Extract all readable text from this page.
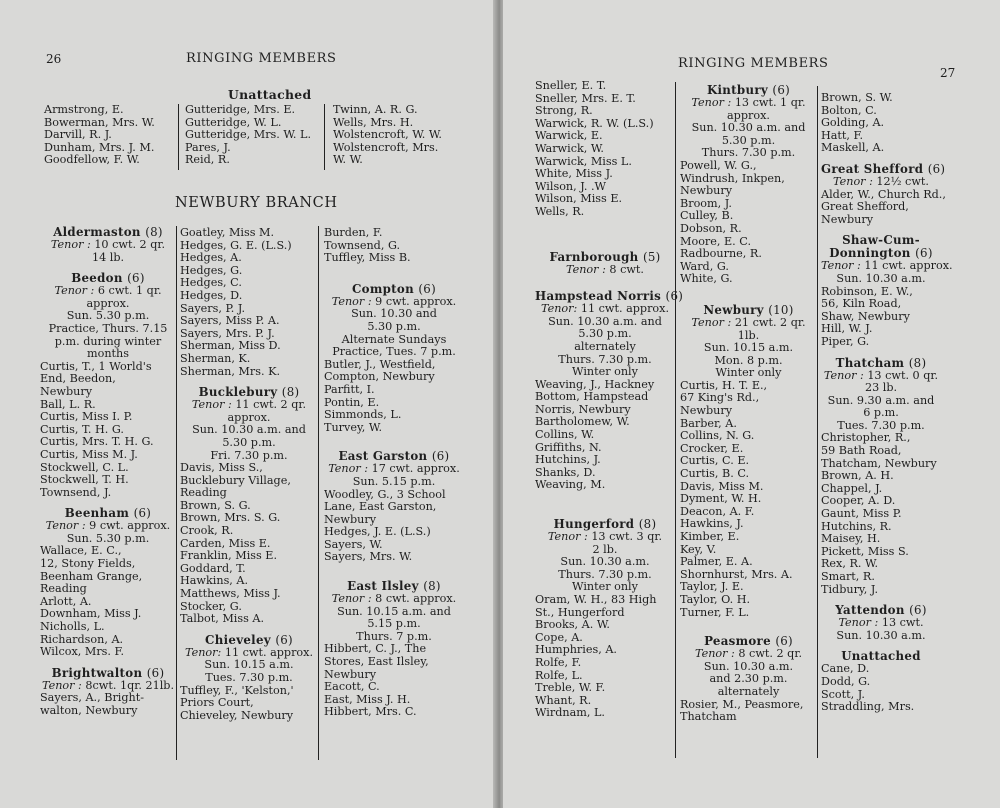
26	RINGING MEMBERS
Unattached
Armstrong, E.
Bowerman, Mrs. W.
Darvill, R. J.
Dunham, Mrs. J. M.
Goodfellow, F. W.
Gutteridge, Mrs. E.
Gutteridge, W. L.
Gutteridge, Mrs. W. L.
Pares, J.
Reid, R.
Twinn, A. R. G.
Wells, Mrs. H.
Wolstencroft, W. W.
Wolstencroft, Mrs.
W. W.
NEWBURY BRANCH
Aldermaston (8)
Tenor : 10 cwt. 2 qr.
14 lb.
Beedon (6)
Tenor : 6 cwt. 1 qr.
approx.
Sun. 5.30 p.m.
Practice, Thurs. 7.15
p.m. during winter
months
Curtis, T., 1 World's
End, Beedon,
Newbury
Ball, L. R.
Curtis, Miss I. P.
Curtis, T. H. G.
Curtis, Mrs. T. H. G.
Curtis, Miss M. J.
Stockwell, C. L.
Stockwell, T. H.
Townsend, J.
Beenham (6)
Tenor : 9 cwt. approx.
Sun. 5.30 p.m.
Wallace, E. C.,
12, Stony Fields,
Beenham Grange,
Reading
Arlott, A.
Downham, Miss J.
Nicholls, L.
Richardson, A.
Wilcox, Mrs. F.
Brightwalton (6)
Tenor : 8cwt. 1qr. 21lb.
Sayers, A., Bright-
walton, Newbury
Goatley, Miss M.
Hedges, G. E. (L.S.)
Hedges, A.
Hedges, G.
Hedges, C.
Hedges, D.
Sayers, P. J.
Sayers, Miss P. A.
Sayers, Mrs. P. J.
Sherman, Miss D.
Sherman, K.
Sherman, Mrs. K.
Bucklebury (8)
Tenor : 11 cwt. 2 qr.
approx.
Sun. 10.30 a.m. and
5.30 p.m.
Fri. 7.30 p.m.
Davis, Miss S.,
Bucklebury Village,
Reading
Brown, S. G.
Brown, Mrs. S. G.
Crook, R.
Carden, Miss E.
Franklin, Miss E.
Goddard, T.
Hawkins, A.
Matthews, Miss J.
Stocker, G.
Talbot, Miss A.
Chieveley (6)
Tenor: 11 cwt. approx.
Sun. 10.15 a.m.
Tues. 7.30 p.m.
Tuffley, F., 'Kelston,'
Priors Court,
Chieveley, Newbury
Burden, F.
Townsend, G.
Tuffley, Miss B.
Compton (6)
Tenor : 9 cwt. approx.
Sun. 10.30 and
5.30 p.m.
Alternate Sundays
Practice, Tues. 7 p.m.
Butler, J., Westfield,
Compton, Newbury
Parfitt, I.
Pontin, E.
Simmonds, L.
Turvey, W.
East Garston (6)
Tenor : 17 cwt. approx.
Sun. 5.15 p.m.
Woodley, G., 3 School
Lane, East Garston,
Newbury
Hedges, J. E. (L.S.)
Sayers, W.
Sayers, Mrs. W.
East Ilsley (8)
Tenor : 8 cwt. approx.
Sun. 10.15 a.m. and
5.15 p.m.
Thurs. 7 p.m.
Hibbert, C. J., The
Stores, East Ilsley,
Newbury
Eacott, C.
East, Miss J. H.
Hibbert, Mrs. C.
RINGING MEMBERS
27
Sneller, E. T.
Sneller, Mrs. E. T.
Strong, R.
Warwick, R. W. (L.S.)
Warwick, E.
Warwick, W.
Warwick, Miss L.
White, Miss J.
Wilson, J. .W
Wilson, Miss E.
Wells, R.
Farnborough (5)
Tenor : 8 cwt.
Hampstead Norris (6)
Tenor: 11 cwt. approx.
Sun. 10.30 a.m. and
5.30 p.m.
alternately
Thurs. 7.30 p.m.
Winter only
Weaving, J., Hackney
Bottom, Hampstead
Norris, Newbury
Bartholomew, W.
Collins, W.
Griffiths, N.
Hutchins, J.
Shanks, D.
Weaving, M.
Hungerford (8)
Tenor : 13 cwt. 3 qr.
2 lb.
Sun. 10.30 a.m.
Thurs. 7.30 p.m.
Winter only
Oram, W. H., 83 High
St., Hungerford
Brooks, A. W.
Cope, A.
Humphries, A.
Rolfe, F.
Rolfe, L.
Treble, W. F.
Whant, R.
Wirdnam, L.
Kintbury (6)
Tenor : 13 cwt. 1 qr.
approx.
Sun. 10.30 a.m. and
5.30 p.m.
Thurs. 7.30 p.m.
Powell, W. G.,
Windrush, Inkpen,
Newbury
Broom, J.
Culley, B.
Dobson, R.
Moore, E. C.
Radbourne, R.
Ward, G.
White, G.
Newbury (10)
Tenor : 21 cwt. 2 qr.
1lb.
Sun. 10.15 a.m.
Mon. 8 p.m.
Winter only
Curtis, H. T. E.,
67 King's Rd.,
Newbury
Barber, A.
Collins, N. G.
Crocker, E.
Curtis, C. E.
Curtis, B. C.
Davis, Miss M.
Dyment, W. H.
Deacon, A. F.
Hawkins, J.
Kimber, E.
Key, V.
Palmer, E. A.
Shornhurst, Mrs. A.
Taylor, J. E.
Taylor, O. H.
Turner, F. L.
Peasmore (6)
Tenor : 8 cwt. 2 qr.
Sun. 10.30 a.m.
and 2.30 p.m.
alternately
Rosier, M., Peasmore,
Thatcham
Brown, S. W.
Bolton, C.
Golding, A.
Hatt, F.
Maskell, A.
Great Shefford (6)
Tenor : 12½ cwt.
Alder, W., Church Rd.,
Great Shefford,
Newbury
Shaw-Cum-
Donnington (6)
Tenor : 11 cwt. approx.
Sun. 10.30 a.m.
Robinson, E. W.,
56, Kiln Road,
Shaw, Newbury
Hill, W. J.
Piper, G.
Thatcham (8)
Tenor : 13 cwt. 0 qr.
23 lb.
Sun. 9.30 a.m. and
6 p.m.
Tues. 7.30 p.m.
Christopher, R.,
59 Bath Road,
Thatcham, Newbury
Brown, A. H.
Chappel, J.
Cooper, A. D.
Gaunt, Miss P.
Hutchins, R.
Maisey, H.
Pickett, Miss S.
Rex, R. W.
Smart, R.
Tidbury, J.
Yattendon (6)
Tenor : 13 cwt.
Sun. 10.30 a.m.
Unattached
Cane, D.
Dodd, G.
Scott, J.
Straddling, Mrs.
